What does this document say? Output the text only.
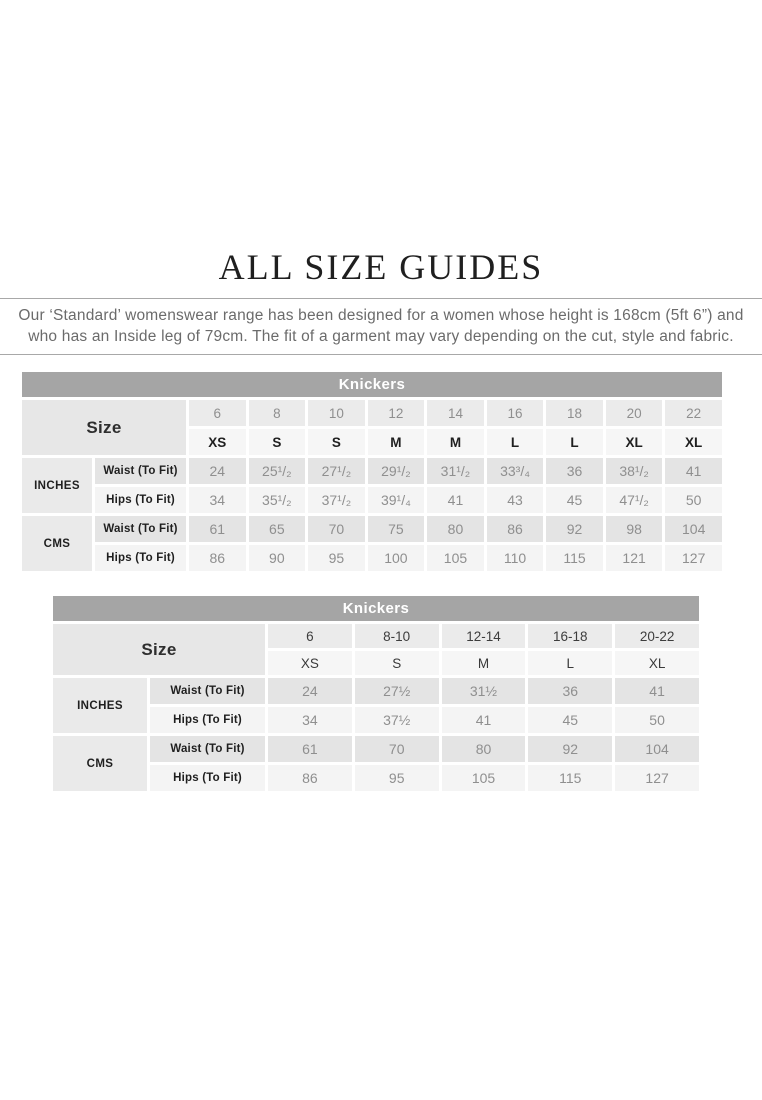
ALL SIZE GUIDES
Our ‘Standard’ womenswear range has been designed for a women whose height is 168cm (5ft 6”) and
who has an Inside leg of 79cm. The fit of a garment may vary depending on the cut, style and fabric.
Knickers										
Size		6	8	10	12	14	16	18	20	22
		XS	S	S	M	M	L	L	XL	XL
INCHES	Waist (To Fit)	24	25¹/₂	27¹/₂	29¹/₂	31¹/₂	33³/₄	36	38¹/₂	41
	Hips (To Fit)	34	35¹/₂	37¹/₂	39¹/₄	41	43	45	47¹/₂	50
CMS	Waist (To Fit)	61	65	70	75	80	86	92	98	104
	Hips (To Fit)	86	90	95	100	105	110	115	121	127
Knickers						
Size		6	8-10	12-14	16-18	20-22
		XS	S	M	L	XL
INCHES	Waist (To Fit)	24	27½	31½	36	41
	Hips (To Fit)	34	37½	41	45	50
CMS	Waist (To Fit)	61	70	80	92	104
	Hips (To Fit)	86	95	105	115	127
